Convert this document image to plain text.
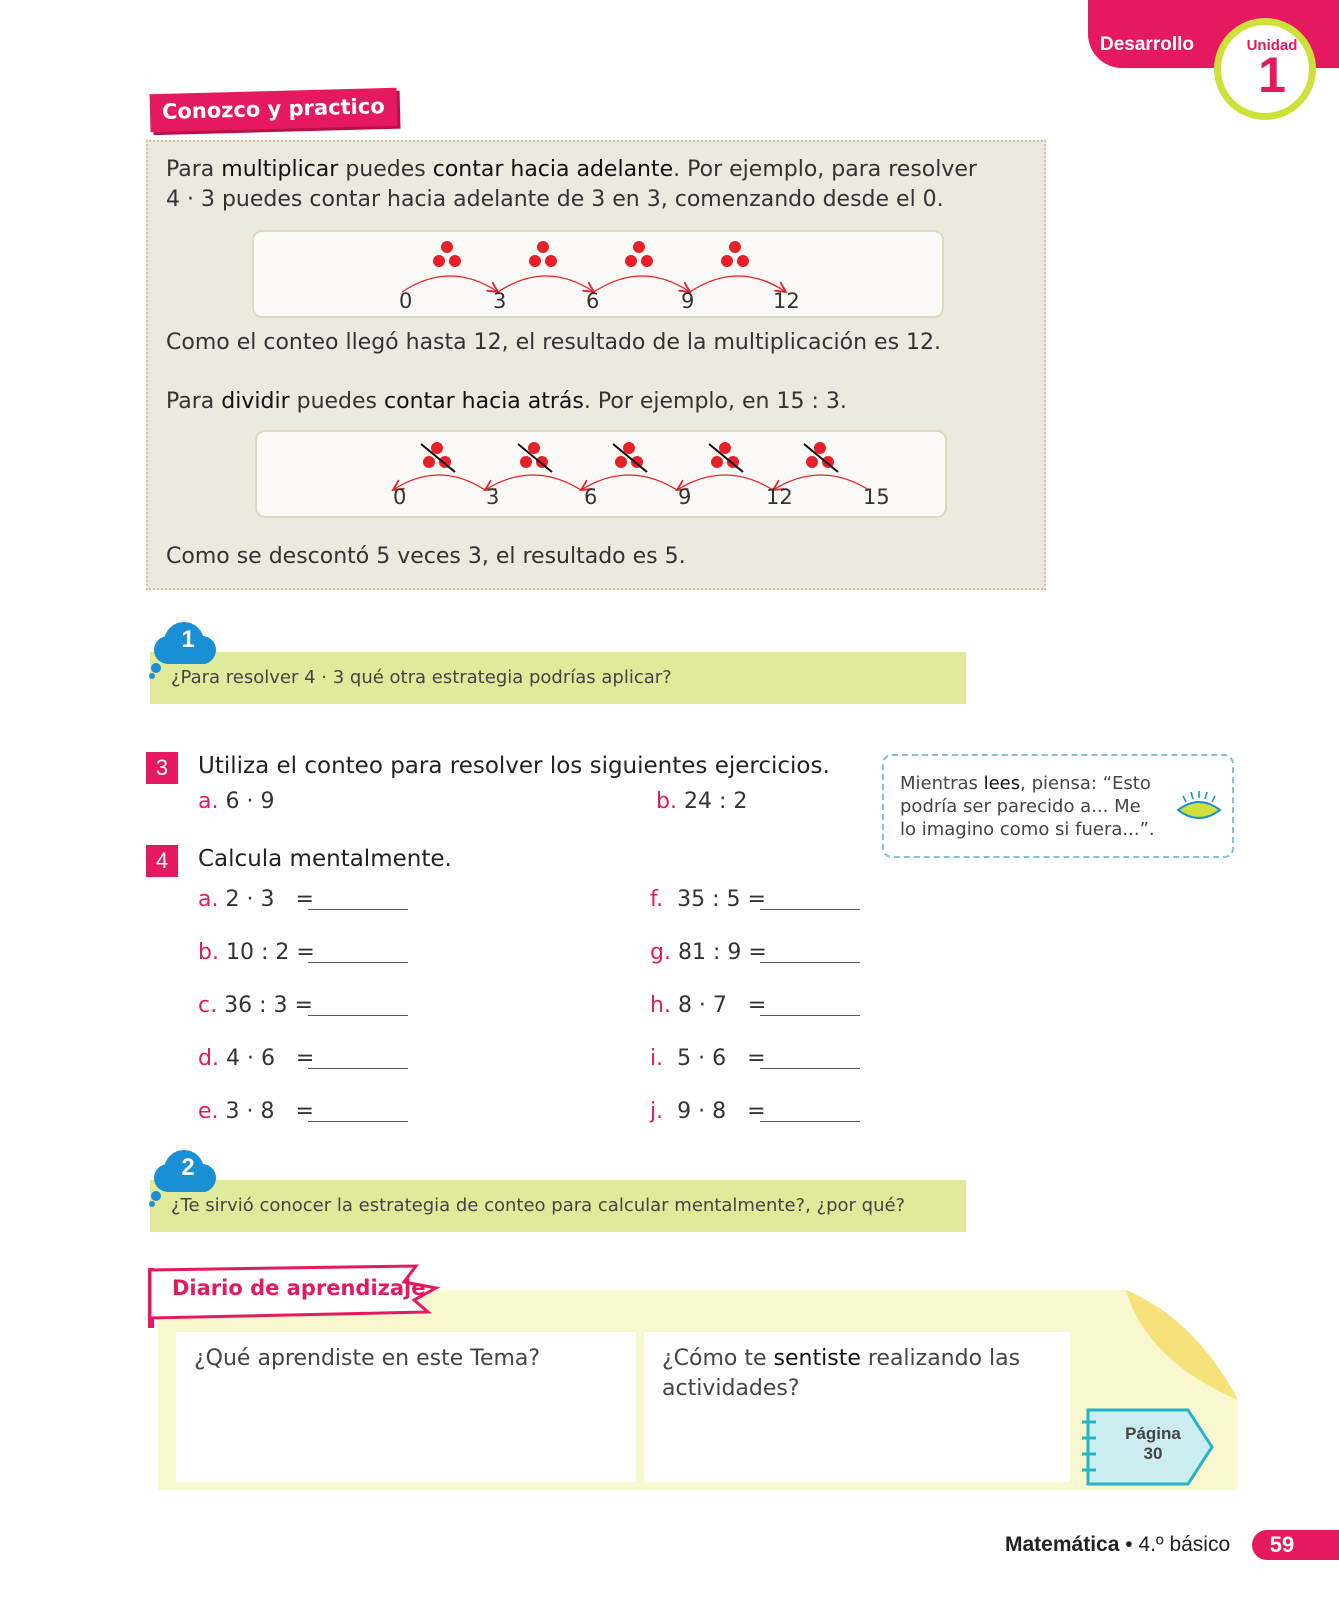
Desarrollo	Unidad
1
Conozco y practico
Para multiplicar puedes contar hacia adelante. Por ejemplo, para resolver
4 · 3 puedes contar hacia adelante de 3 en 3, comenzando desde el 0.
0	3	6	9	12
Como el conteo llegó hasta 12, el resultado de la multiplicación es 12.
Para dividir puedes contar hacia atrás. Por ejemplo, en 15 : 3.
0	3	6	9	12	15
Como se descontó 5 veces 3, el resultado es 5.
1
¿Para resolver 4 · 3 qué otra estrategia podrías aplicar?
3	Utiliza el conteo para resolver los siguientes ejercicios.
a. 6 · 9	b. 24 : 2
Mientras lees, piensa: “Esto
podría ser parecido a... Me
lo imagino como si fuera...”.
4	Calcula mentalmente.
a. 2 · 3   =
b. 10 : 2 =
c. 36 : 3 =
d. 4 · 6   =
e. 3 · 8   =
f. 35 : 5 =
g. 81 : 9 =
h. 8 · 7   =
i. 5 · 6   =
j. 9 · 8   =
2
¿Te sirvió conocer la estrategia de conteo para calcular mentalmente?, ¿por qué?
Diario de aprendizaje
¿Qué aprendiste en este Tema?	¿Cómo te sentiste realizando las
actividades?
Página
30
Matemática • 4.º básico	59
